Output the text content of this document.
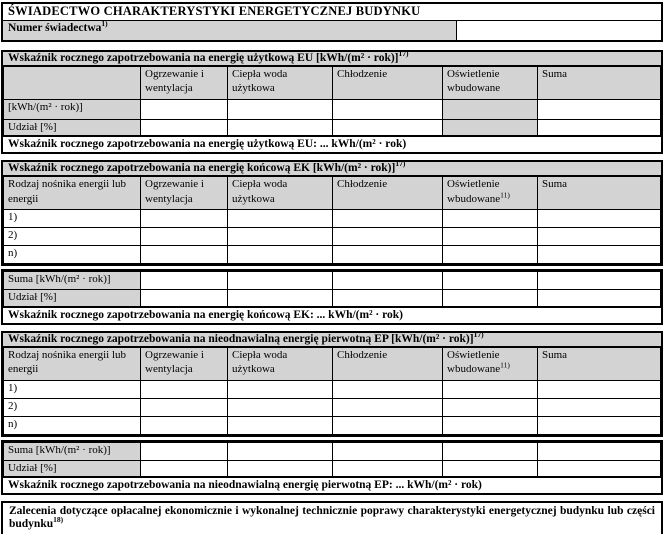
ŚWIADECTWO CHARAKTERYSTYKI ENERGETYCZNEJ BUDYNKU
Numer świadectwa$^{1)}$
Wskaźnik rocznego zapotrzebowania na energię użytkową EU $[kWh/(m^2 \cdot rok)]^{17)}$
	Ogrzewanie i wentylacja	Ciepła woda użytkowa	Chłodzenie	Oświetlenie wbudowane	Suma
[kWh/(m² · rok)]					
Udział [%]					
Wskaźnik rocznego zapotrzebowania na energię użytkową EU: ... kWh/(m² · rok)
Wskaźnik rocznego zapotrzebowania na energię końcową EK $[kWh/(m^2 \cdot rok)]^{17)}$
Rodzaj nośnika energii lub energii	Ogrzewanie i wentylacja	Ciepła woda użytkowa	Chłodzenie	Oświetlenie wbudowane$^{11)}$	Suma
1)					
2)					
n)					
Suma [kWh/(m² · rok)]					
Udział [%]					
Wskaźnik rocznego zapotrzebowania na energię końcową EK: ... kWh/(m² · rok)
Wskaźnik rocznego zapotrzebowania na nieodnawialną energię pierwotną EP $[kWh/(m^2 \cdot rok)]^{17)}$
Rodzaj nośnika energii lub energii	Ogrzewanie i wentylacja	Ciepła woda użytkowa	Chłodzenie	Oświetlenie wbudowane$^{11)}$	Suma
1)					
2)					
n)					
Suma [kWh/(m² · rok)]					
Udział [%]					
Wskaźnik rocznego zapotrzebowania na nieodnawialną energię pierwotną EP: ... kWh/(m² · rok)
Zalecenia dotyczące opłacalnej ekonomicznie i wykonalnej technicznie poprawy charakterystyki energetycznej budynku lub części budynku$^{18)}$
